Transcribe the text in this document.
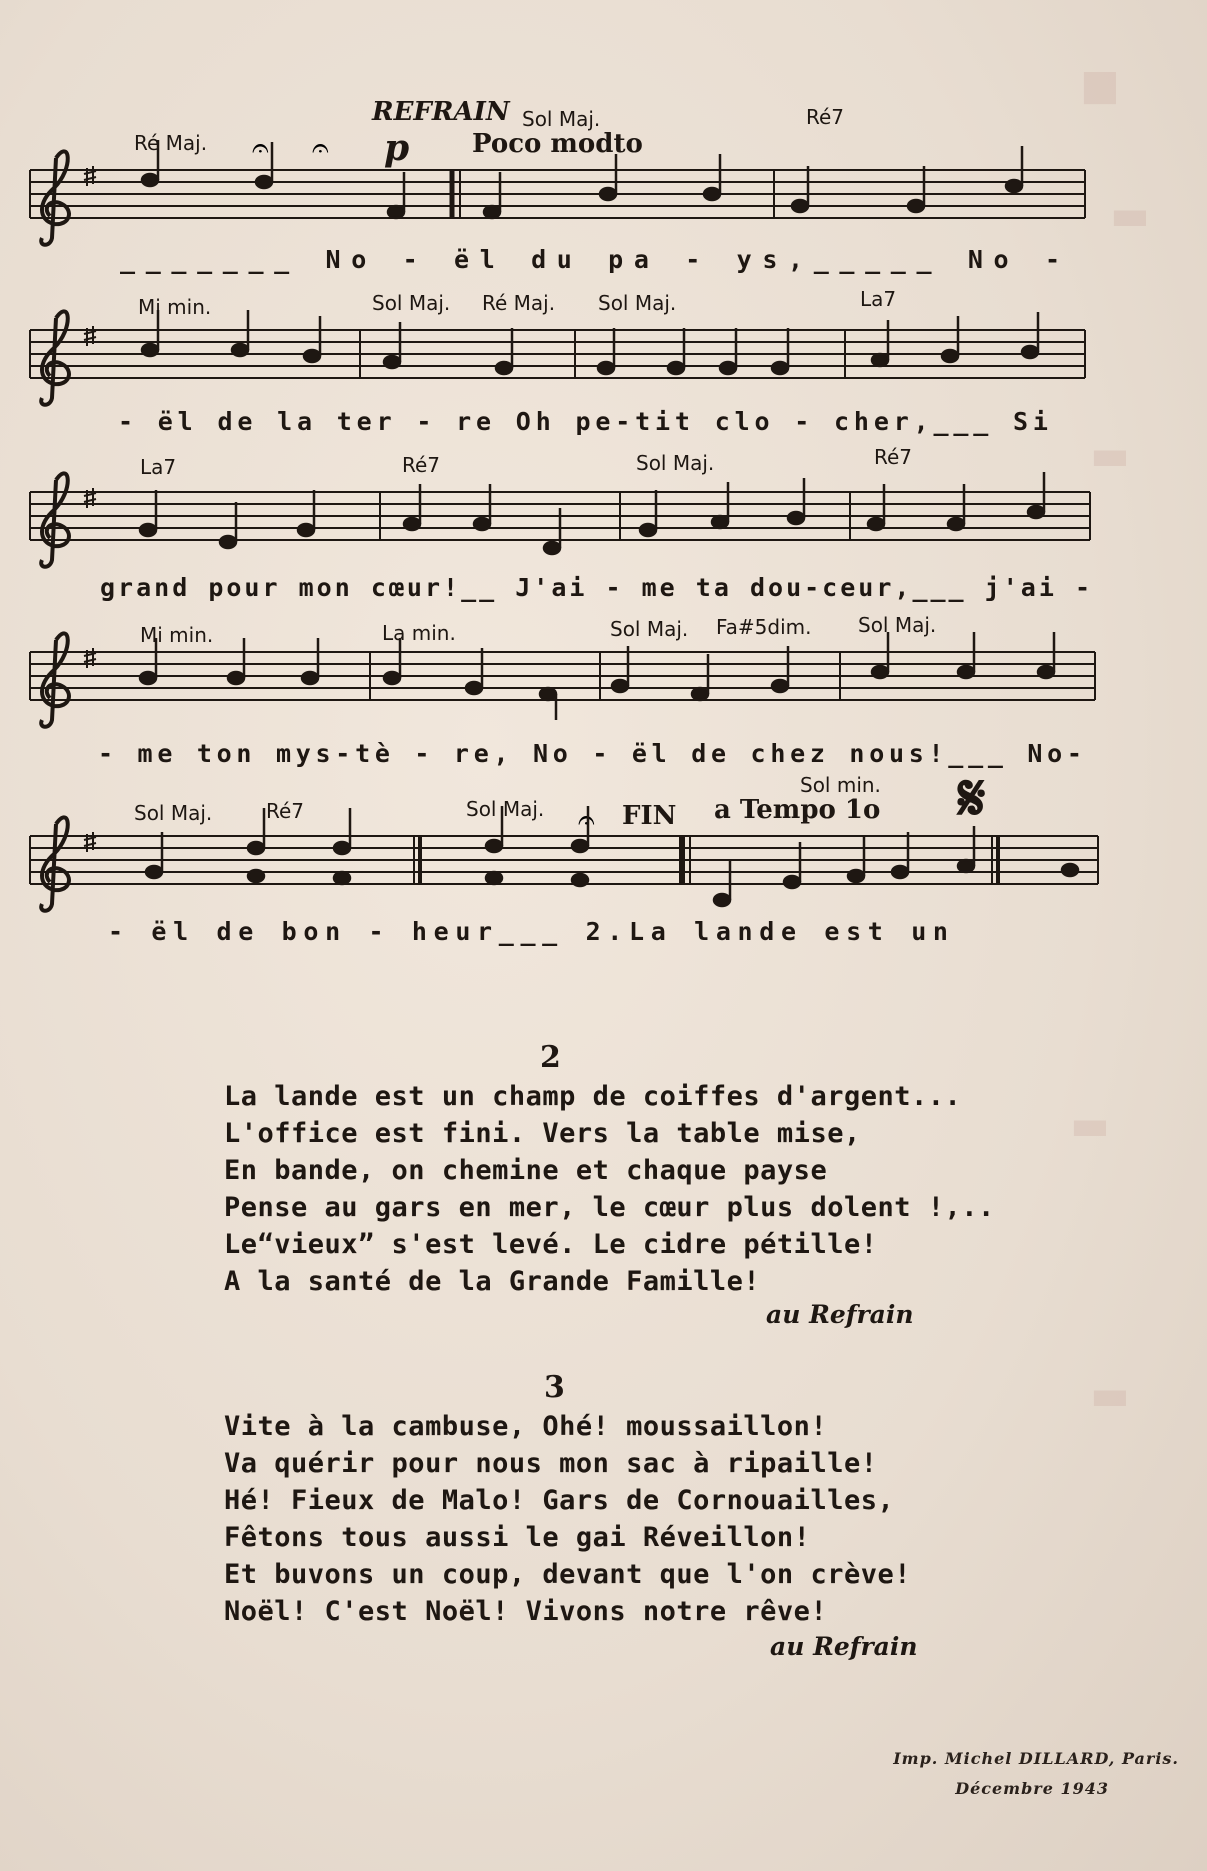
■
▬
▬
▬
▬
REFRAIN
p Poco modto
𝄐 𝄐
Ré Maj.
Sol Maj.	Ré7
_______ No - ël du pa - ys,_____ No -
Mi min.	Sol Maj. Ré Maj. Sol Maj.	La7
- ël de la ter - re Oh pe-tit clo - cher,___ Si
La7	Ré7	Sol Maj.	Ré7
grand pour mon cœur!__ J'ai - me ta dou-ceur,___ j'ai -
Mi min.	La min.	Sol Maj. Fa#5dim. Sol Maj.
- me ton mys-tè - re, No - ël de chez nous!___ No-
Sol Maj.	Ré7	Sol Maj. 𝄐 FIN a Tempo 1o
Sol min. 𝄋
- ël de bon - heur___ 2.La lande est un
2
La lande est un champ de coiffes d'argent...
L'office est fini. Vers la table mise,
En bande, on chemine et chaque payse
Pense au gars en mer, le cœur plus dolent !,..
Le“vieux” s'est levé. Le cidre pétille!
A la santé de la Grande Famille!
au Refrain
3
Vite à la cambuse, Ohé! moussaillon!
Va quérir pour nous mon sac à ripaille!
Hé! Fieux de Malo! Gars de Cornouailles,
Fêtons tous aussi le gai Réveillon!
Et buvons un coup, devant que l'on crève!
Noël! C'est Noël! Vivons notre rêve!
au Refrain
Imp. Michel DILLARD, Paris.
Décembre 1943
